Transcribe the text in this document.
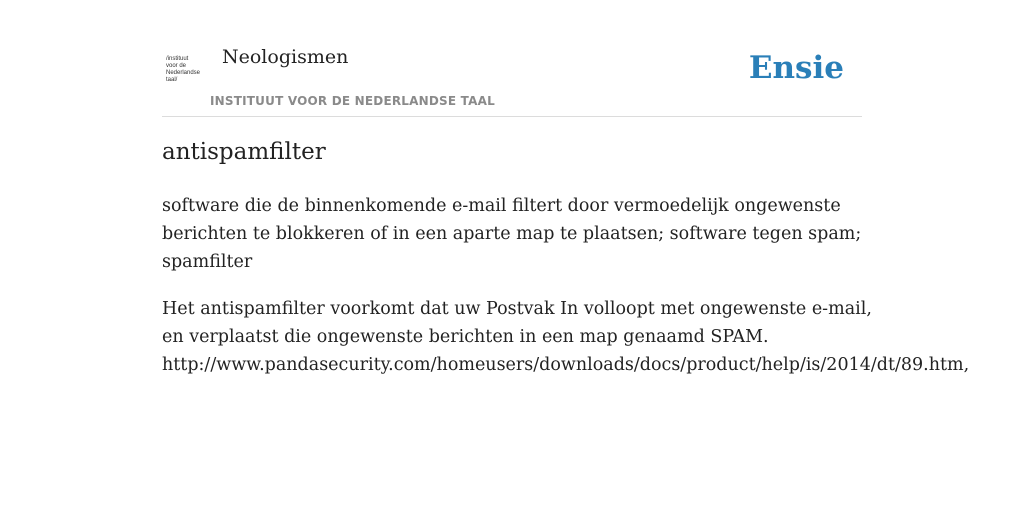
/instituut
voor de
Nederlandse
taal/
Neologismen
INSTITUUT VOOR DE NEDERLANDSE TAAL
Ensie
antispamfilter

software die de binnenkomende e-mail filtert door vermoedelijk ongewenste
berichten te blokkeren of in een aparte map te plaatsen; software tegen spam;
spamfilter

Het antispamfilter voorkomt dat uw Postvak In volloopt met ongewenste e-mail,
en verplaatst die ongewenste berichten in een map genaamd SPAM.
http://www.pandasecurity.com/homeusers/downloads/docs/product/help/is/2014/dt/89.htm,
